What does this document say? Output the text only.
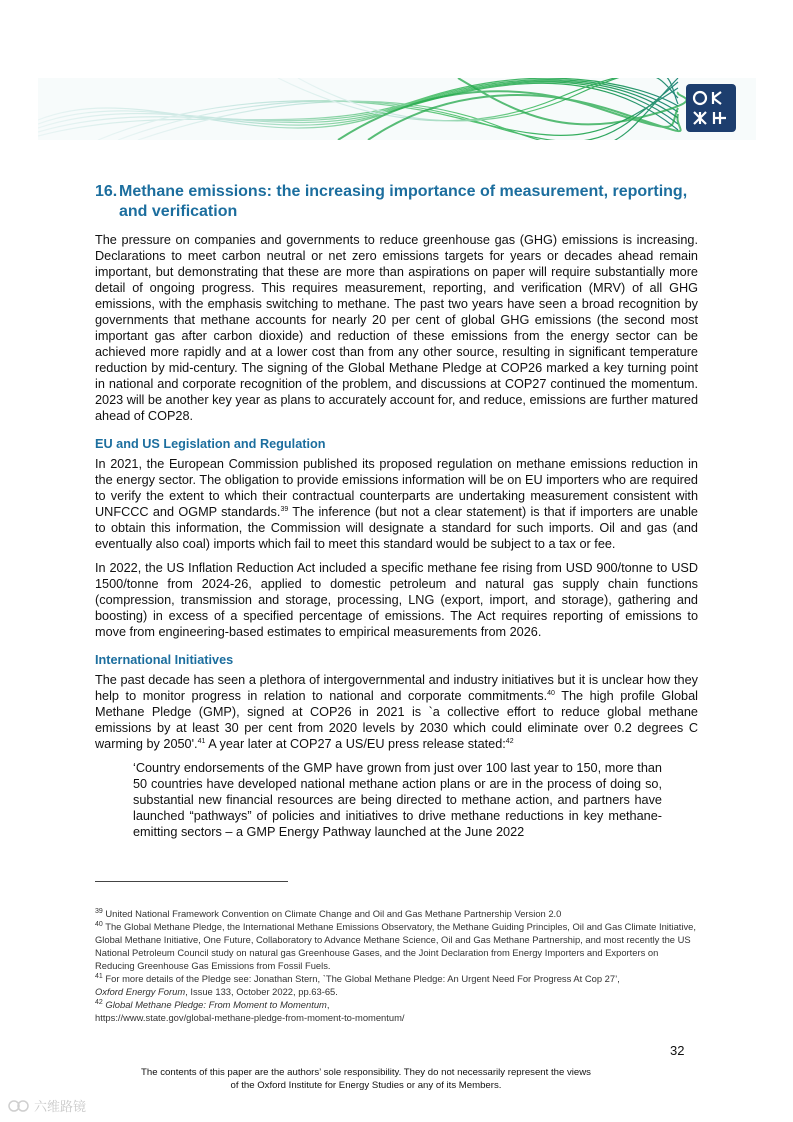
16. Methane emissions: the increasing importance of measurement, reporting, and verification

The pressure on companies and governments to reduce greenhouse gas (GHG) emissions is increasing. Declarations to meet carbon neutral or net zero emissions targets for years or decades ahead remain important, but demonstrating that these are more than aspirations on paper will require substantially more detail of ongoing progress. This requires measurement, reporting, and verification (MRV) of all GHG emissions, with the emphasis switching to methane. The past two years have seen a broad recognition by governments that methane accounts for nearly 20 per cent of global GHG emissions (the second most important gas after carbon dioxide) and reduction of these emissions from the energy sector can be achieved more rapidly and at a lower cost than from any other source, resulting in significant temperature reduction by mid-century. The signing of the Global Methane Pledge at COP26 marked a key turning point in national and corporate recognition of the problem, and discussions at COP27 continued the momentum. 2023 will be another key year as plans to accurately account for, and reduce, emissions are further matured ahead of COP28.

EU and US Legislation and Regulation

In 2021, the European Commission published its proposed regulation on methane emissions reduction in the energy sector. The obligation to provide emissions information will be on EU importers who are required to verify the extent to which their contractual counterparts are undertaking measurement consistent with UNFCCC and OGMP standards.$^{39}$ The inference (but not a clear statement) is that if importers are unable to obtain this information, the Commission will designate a standard for such imports. Oil and gas (and eventually also coal) imports which fail to meet this standard would be subject to a tax or fee.

In 2022, the US Inflation Reduction Act included a specific methane fee rising from USD 900/tonne to USD 1500/tonne from 2024-26, applied to domestic petroleum and natural gas supply chain functions (compression, transmission and storage, processing, LNG (export, import, and storage), gathering and boosting) in excess of a specified percentage of emissions. The Act requires reporting of emissions to move from engineering-based estimates to empirical measurements from 2026.

International Initiatives

The past decade has seen a plethora of intergovernmental and industry initiatives but it is unclear how they help to monitor progress in relation to national and corporate commitments.$^{40}$ The high profile Global Methane Pledge (GMP), signed at COP26 in 2021 is `a collective effort to reduce global methane emissions by at least 30 per cent from 2020 levels by 2030 which could eliminate over 0.2 degrees C warming by 2050'.$^{41}$ A year later at COP27 a US/EU press release stated:$^{42}$

‘Country endorsements of the GMP have grown from just over 100 last year to 150, more than 50 countries have developed national methane action plans or are in the process of doing so, substantial new financial resources are being directed to methane action, and partners have launched “pathways” of policies and initiatives to drive methane reductions in key methane-emitting sectors – a GMP Energy Pathway launched at the June 2022

$^{39}$ United National Framework Convention on Climate Change and Oil and Gas Methane Partnership Version 2.0

$^{40}$ The Global Methane Pledge, the International Methane Emissions Observatory, the Methane Guiding Principles, Oil and Gas Climate Initiative, Global Methane Initiative, One Future, Collaboratory to Advance Methane Science, Oil and Gas Methane Partnership, and most recently the US National Petroleum Council study on natural gas Greenhouse Gases, and the Joint Declaration from Energy Importers and Exporters on Reducing Greenhouse Gas Emissions from Fossil Fuels.

$^{41}$ For more details of the Pledge see: Jonathan Stern, `The Global Methane Pledge: An Urgent Need For Progress At Cop 27’,
Oxford Energy Forum, Issue 133, October 2022, pp.63-65.

$^{42}$ Global Methane Pledge: From Moment to Momentum,
https://www.state.gov/global-methane-pledge-from-moment-to-momentum/

32
The contents of this paper are the authors’ sole responsibility. They do not necessarily represent the views
of the Oxford Institute for Energy Studies or any of its Members.
六维路镜
